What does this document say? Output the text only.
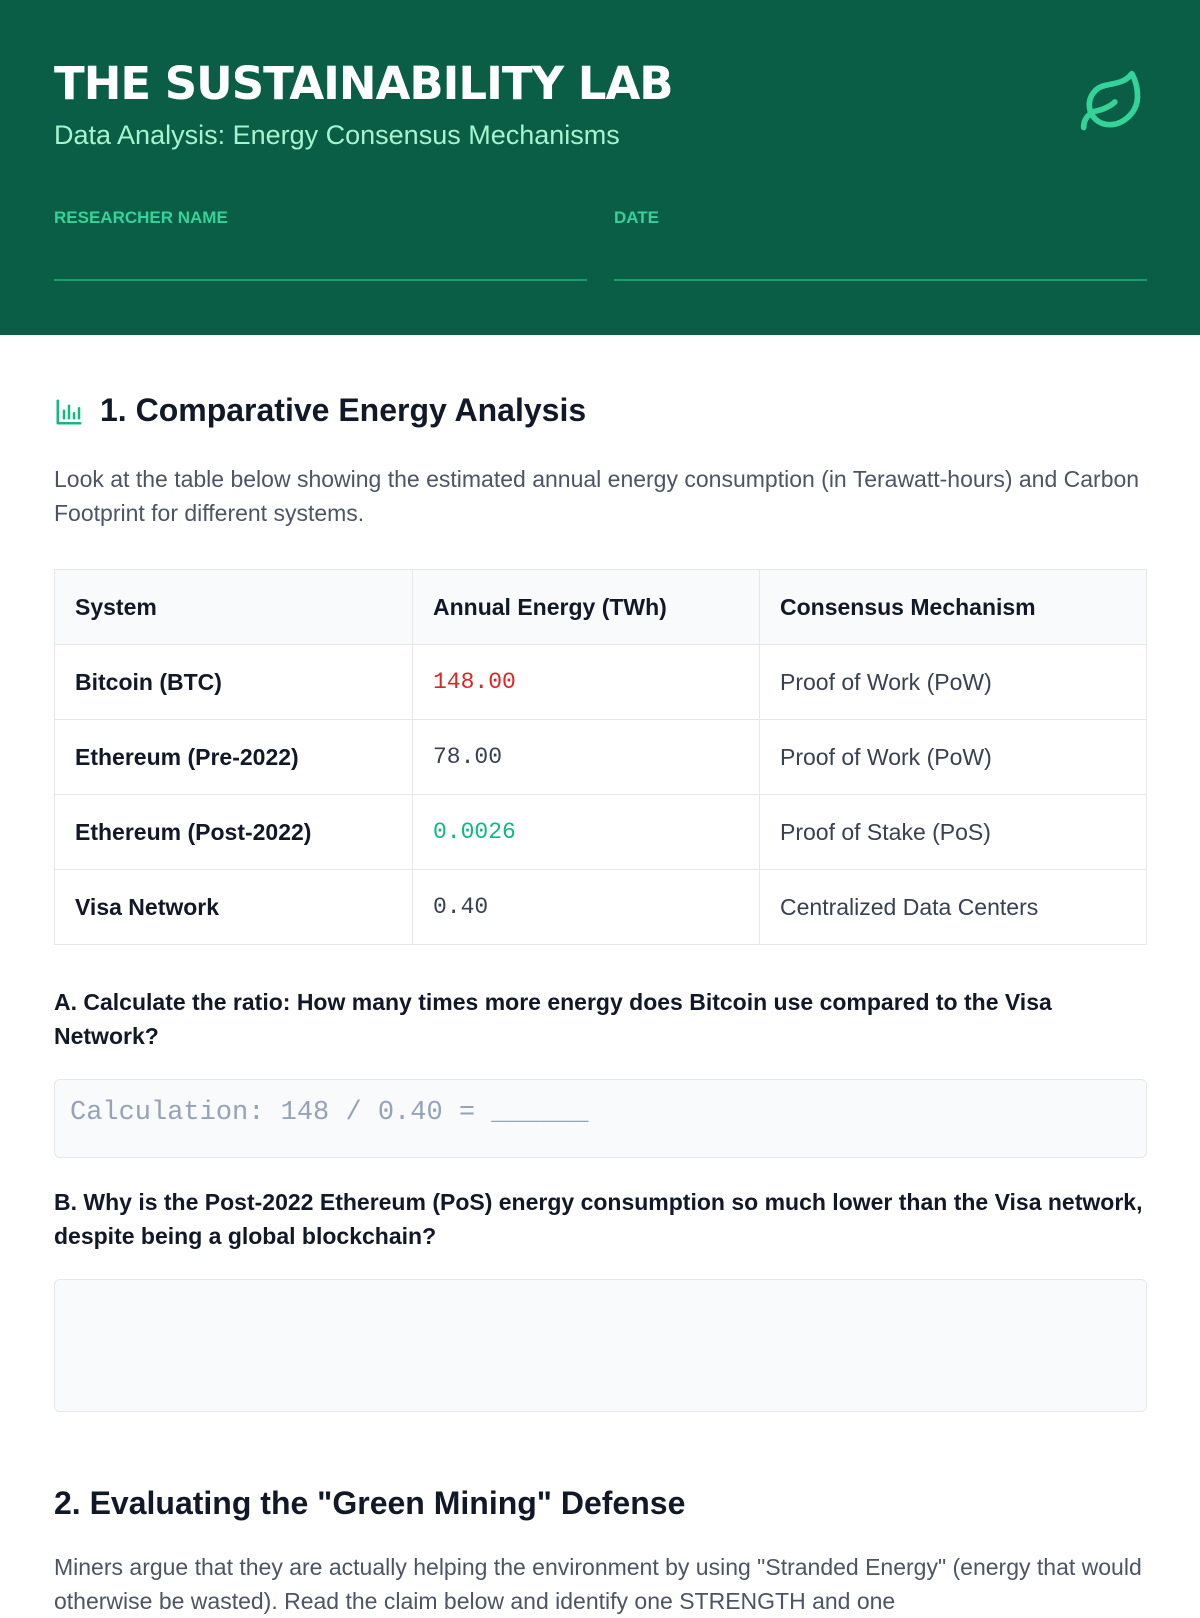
THE SUSTAINABILITY LAB
Data Analysis: Energy Consensus Mechanisms
RESEARCHER NAME	DATE
1. Comparative Energy Analysis
Look at the table below showing the estimated annual energy consumption (in Terawatt-hours) and Carbon Footprint for different systems.
System	Annual Energy (TWh)	Consensus Mechanism
Bitcoin (BTC)	148.00	Proof of Work (PoW)
Ethereum (Pre-2022)	78.00	Proof of Work (PoW)
Ethereum (Post-2022)	0.0026	Proof of Stake (PoS)
Visa Network	0.40	Centralized Data Centers
A. Calculate the ratio: How many times more energy does Bitcoin use compared to the Visa Network?
Calculation: 148 / 0.40 = ______
B. Why is the Post-2022 Ethereum (PoS) energy consumption so much lower than the Visa network, despite being a global blockchain?
2. Evaluating the "Green Mining" Defense
Miners argue that they are actually helping the environment by using "Stranded Energy" (energy that would otherwise be wasted). Read the claim below and identify one STRENGTH and one
